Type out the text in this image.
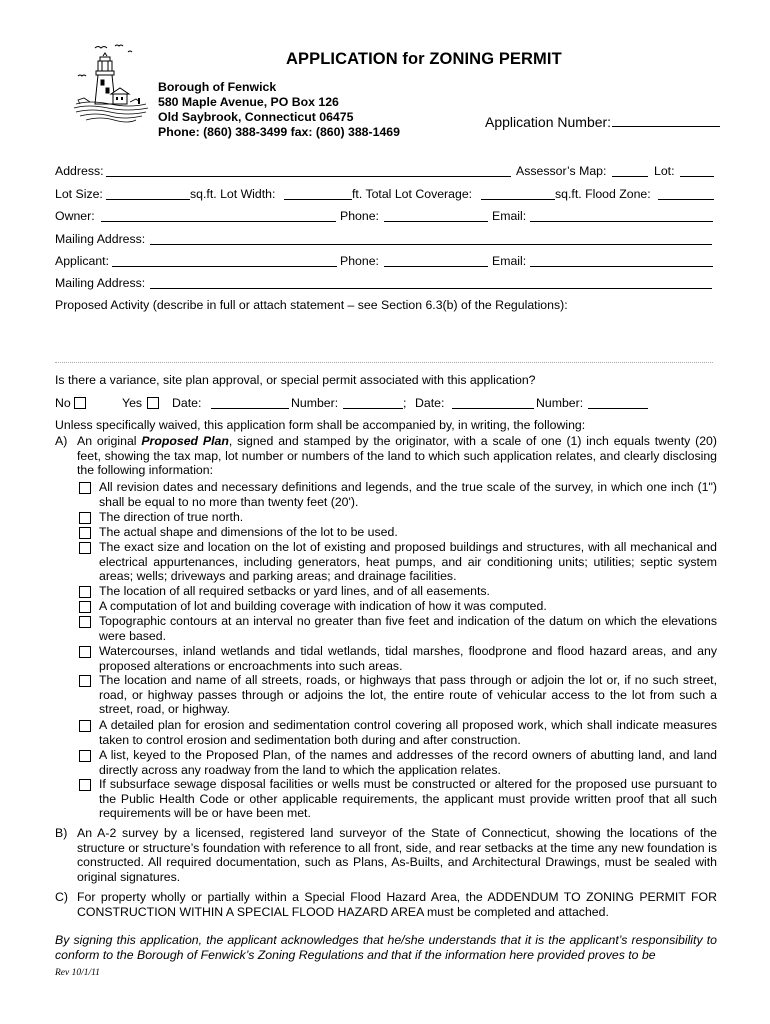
APPLICATION for ZONING PERMIT
Borough of Fenwick
580 Maple Avenue, PO Box 126
Old Saybrook, Connecticut 06475
Phone: (860) 388-3499 fax: (860) 388-1469
Application Number:
Address:	Assessor’s Map:	Lot:
Lot Size:	sq.ft. Lot Width:	ft. Total Lot Coverage:	sq.ft. Flood Zone:
Owner:	Phone:	Email:
Mailing Address:
Applicant:	Phone:	Email:
Mailing Address:
Proposed Activity (describe in full or attach statement – see Section 6.3(b) of the Regulations):
Is there a variance, site plan approval, or special permit associated with this application?
No	Yes Date:	Number:	; Date:	Number:
Unless specifically waived, this application form shall be accompanied by, in writing, the following:
A) An original Proposed Plan, signed and stamped by the originator, with a scale of one (1) inch equals twenty (20) feet, showing the tax map, lot number or numbers of the land to which such application relates, and clearly disclosing the following information:
All revision dates and necessary definitions and legends, and the true scale of the survey, in which one inch (1") shall be equal to no more than twenty feet (20').
The direction of true north.
The actual shape and dimensions of the lot to be used.
The exact size and location on the lot of existing and proposed buildings and structures, with all mechanical and electrical appurtenances, including generators, heat pumps, and air conditioning units; utilities; septic system areas; wells; driveways and parking areas; and drainage facilities.
The location of all required setbacks or yard lines, and of all easements.
A computation of lot and building coverage with indication of how it was computed.
Topographic contours at an interval no greater than five feet and indication of the datum on which the elevations were based.
Watercourses, inland wetlands and tidal wetlands, tidal marshes, floodprone and flood hazard areas, and any proposed alterations or encroachments into such areas.
The location and name of all streets, roads, or highways that pass through or adjoin the lot or, if no such street, road, or highway passes through or adjoins the lot, the entire route of vehicular access to the lot from such a street, road, or highway.
A detailed plan for erosion and sedimentation control covering all proposed work, which shall indicate measures taken to control erosion and sedimentation both during and after construction.
A list, keyed to the Proposed Plan, of the names and addresses of the record owners of abutting land, and land directly across any roadway from the land to which the application relates.
If subsurface sewage disposal facilities or wells must be constructed or altered for the proposed use pursuant to the Public Health Code or other applicable requirements, the applicant must provide written proof that all such requirements will be or have been met.
B) An A-2 survey by a licensed, registered land surveyor of the State of Connecticut, showing the locations of the structure or structure’s foundation with reference to all front, side, and rear setbacks at the time any new foundation is constructed. All required documentation, such as Plans, As-Builts, and Architectural Drawings, must be sealed with original signatures.
C) For property wholly or partially within a Special Flood Hazard Area, the ADDENDUM TO ZONING PERMIT FOR CONSTRUCTION WITHIN A SPECIAL FLOOD HAZARD AREA must be completed and attached.
By signing this application, the applicant acknowledges that he/she understands that it is the applicant’s responsibility to conform to the Borough of Fenwick’s Zoning Regulations and that if the information here provided proves to be
Rev 10/1/11
